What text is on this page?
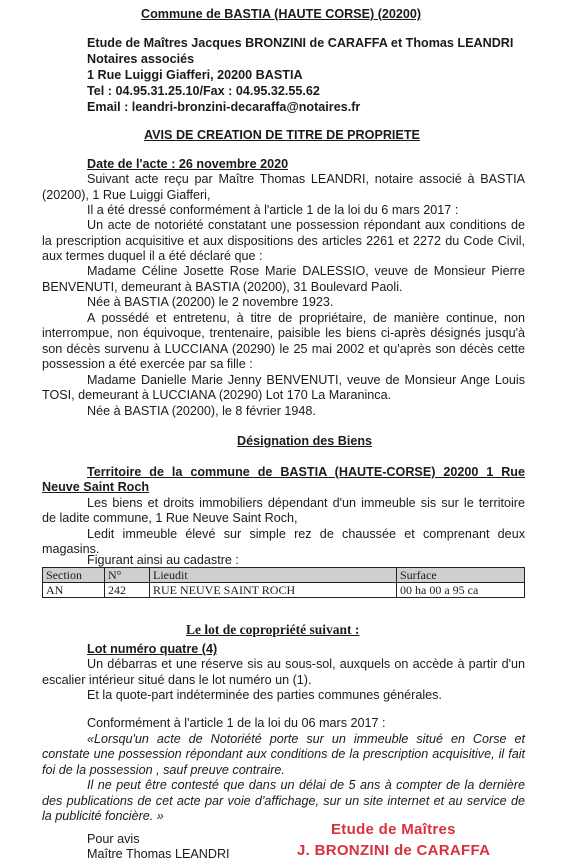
Commune de BASTIA (HAUTE CORSE) (20200)
Etude de Maîtres Jacques BRONZINI de CARAFFA et Thomas LEANDRI
Notaires associés
1 Rue Luiggi Giafferi, 20200 BASTIA
Tel : 04.95.31.25.10/Fax : 04.95.32.55.62
Email : leandri-bronzini-decaraffa@notaires.fr
AVIS DE CREATION DE TITRE DE PROPRIETE
Date de l'acte : 26 novembre 2020
Suivant acte reçu par Maître Thomas LEANDRI, notaire associé à BASTIA
(20200), 1 Rue Luiggi Giafferi,
Il a été dressé conformément à l'article 1 de la loi du 6 mars 2017 :
Un acte de notoriété constatant une possession répondant aux conditions de
la prescription acquisitive et aux dispositions des articles 2261 et 2272 du Code Civil,
aux termes duquel il a été déclaré que :
Madame Céline Josette Rose Marie DALESSIO, veuve de Monsieur Pierre
BENVENUTI, demeurant à BASTIA (20200), 31 Boulevard Paoli.
Née à BASTIA (20200) le 2 novembre 1923.
A possédé et entretenu, à titre de propriétaire, de manière continue, non
interrompue, non équivoque, trentenaire, paisible les biens ci-après désignés jusqu'à
son décès survenu à LUCCIANA (20290) le 25 mai 2002 et qu'après son décès cette
possession a été exercée par sa fille :
Madame Danielle Marie Jenny BENVENUTI, veuve de Monsieur Ange Louis
TOSI, demeurant à LUCCIANA (20290) Lot 170 La Maraninca.
Née à BASTIA (20200), le 8 février 1948.
Désignation des Biens
Territoire de la commune de BASTIA (HAUTE-CORSE) 20200 1 Rue
Neuve Saint Roch
Les biens et droits immobiliers dépendant d'un immeuble sis sur le territoire
de ladite commune, 1 Rue Neuve Saint Roch,
Ledit immeuble élevé sur simple rez de chaussée et comprenant deux
magasins.
Figurant ainsi au cadastre :
Section	N°	Lieudit	Surface
AN	242	RUE NEUVE SAINT ROCH	00 ha 00 a 95 ca
Le lot de copropriété suivant :
Lot numéro quatre (4)
Un débarras et une réserve sis au sous-sol, auxquels on accède à partir d'un
escalier intérieur situé dans le lot numéro un (1).
Et la quote-part indéterminée des parties communes générales.
Conformément à l'article 1 de la loi du 06 mars 2017 :
«Lorsqu'un acte de Notoriété porte sur un immeuble situé en Corse et
constate une possession répondant aux conditions de la prescription acquisitive, il fait
foi de la possession , sauf preuve contraire.
Il ne peut être contesté que dans un délai de 5 ans à compter de la dernière
des publications de cet acte par voie d'affichage, sur un site internet et au service de
la publicité foncière. »
Pour avis
Maître Thomas LEANDRI
Etude de Maîtres
J. BRONZINI de CARAFFA
